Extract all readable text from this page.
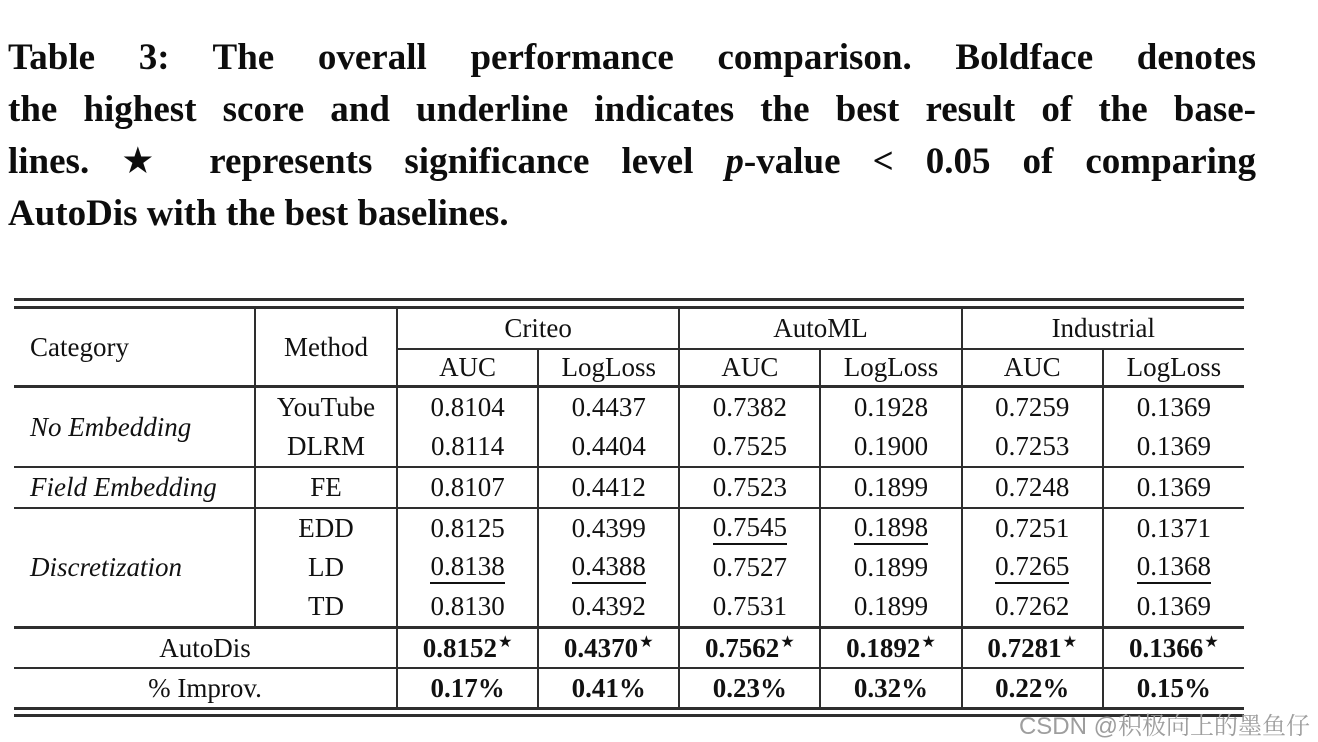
Table 3: The overall performance comparison. Boldface denotes
the highest score and underline indicates the best result of the base-
lines. ★ represents significance level p-value < 0.05 of comparing
AutoDis with the best baselines.
Category	Method	Criteo		AutoML		Industrial	
		AUC	LogLoss	AUC	LogLoss	AUC	LogLoss
No Embedding	YouTube	0.8104	0.4437	0.7382	0.1928	0.7259	0.1369
	DLRM	0.8114	0.4404	0.7525	0.1900	0.7253	0.1369
Field Embedding	FE	0.8107	0.4412	0.7523	0.1899	0.7248	0.1369
Discretization	EDD	0.8125	0.4399	0.7545	0.1898	0.7251	0.1371
	LD	0.8138	0.4388	0.7527	0.1899	0.7265	0.1368
	TD	0.8130	0.4392	0.7531	0.1899	0.7262	0.1369
AutoDis		0.8152★	0.4370★	0.7562★	0.1892★	0.7281★	0.1366★
% Improv.		0.17%	0.41%	0.23%	0.32%	0.22%	0.15%
CSDN @积极向上的墨鱼仔
